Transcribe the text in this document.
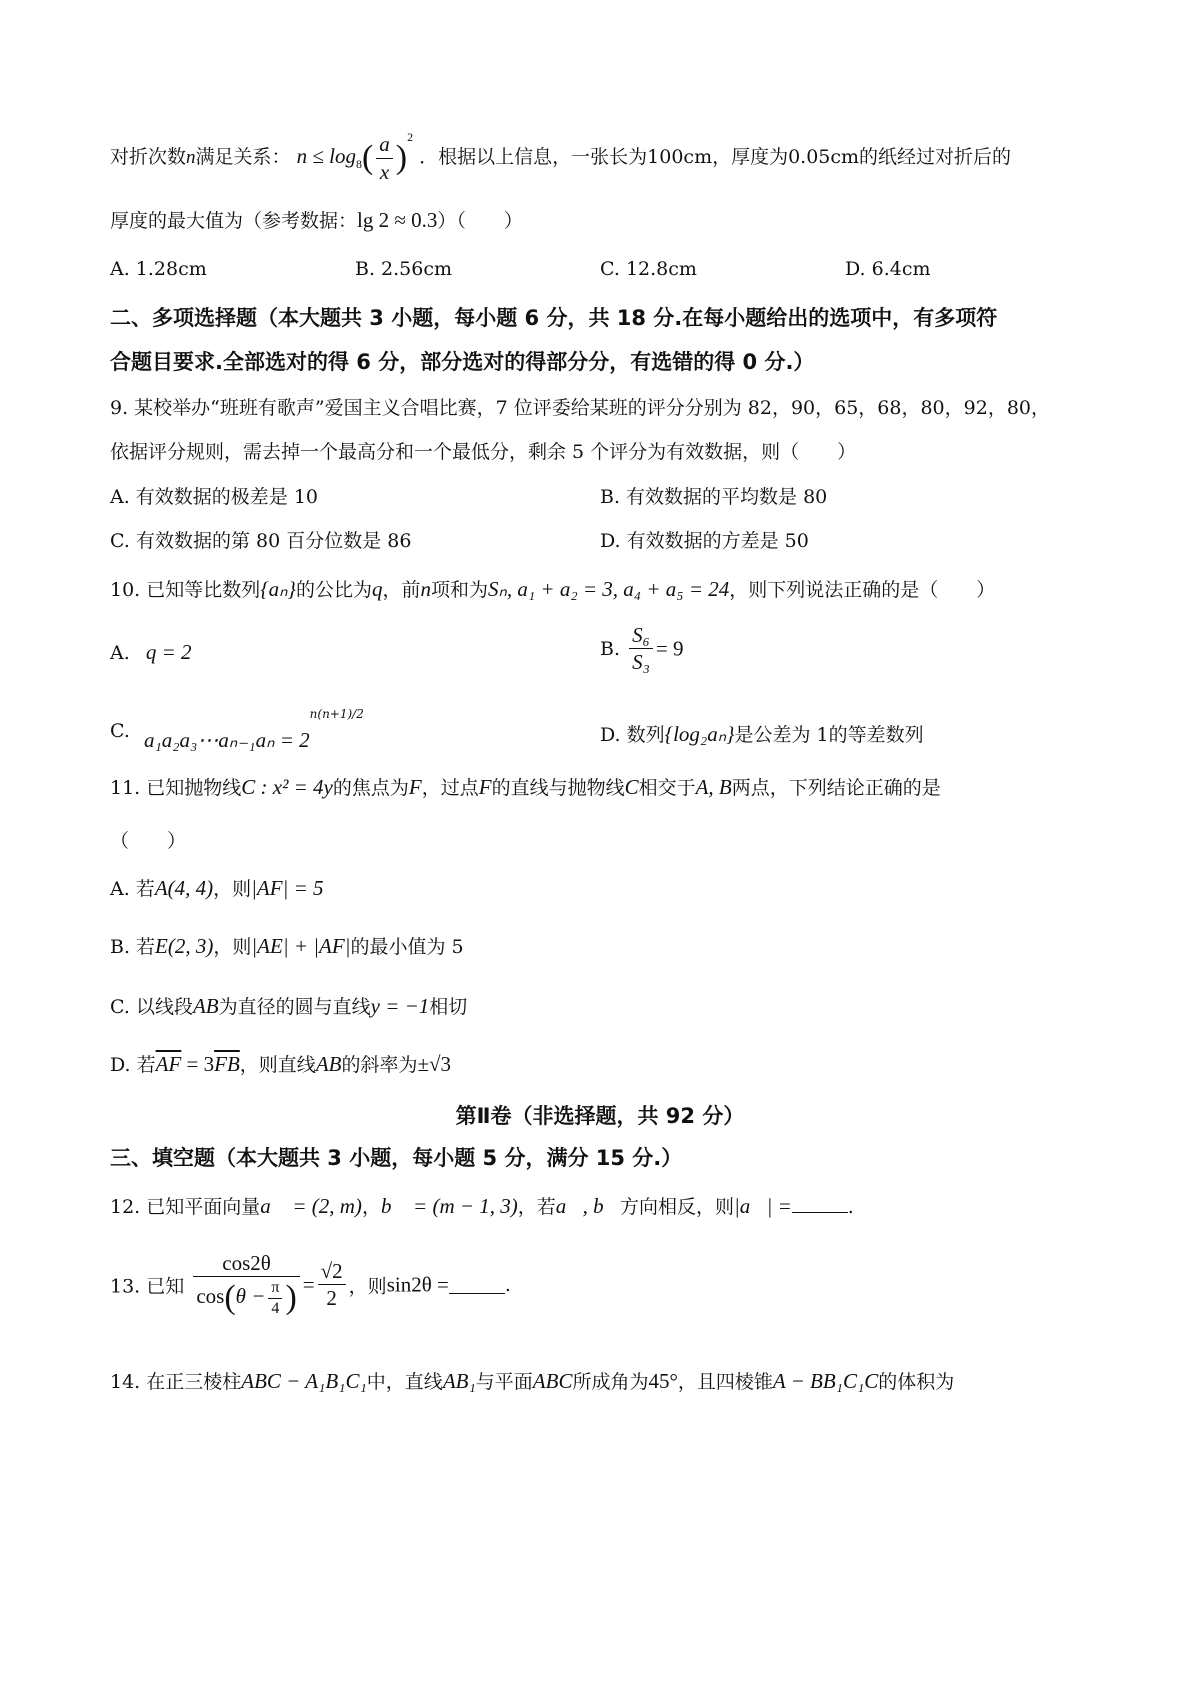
对折次数n满足关系： $n \le \log_8( \frac{a}{x} )^2$ ．根据以上信息，一张长为100cm，厚度为0.05cm的纸经过对折后的
厚度的最大值为（参考数据：lg 2 ≈ 0.3）（　　）
A. 1.28cm	B. 2.56cm	C. 12.8cm	D. 6.4cm
二、多项选择题（本大题共 3 小题，每小题 6 分，共 18 分.在每小题给出的选项中，有多项符
合题目要求.全部选对的得 6 分，部分选对的得部分分，有选错的得 0 分.）
9. 某校举办“班班有歌声”爱国主义合唱比赛，7 位评委给某班的评分分别为 82，90，65，68，80，92，80，
依据评分规则，需去掉一个最高分和一个最低分，剩余 5 个评分为有效数据，则（　　）
A. 有效数据的极差是 10	B. 有效数据的平均数是 80
C. 有效数据的第 80 百分位数是 86	D. 有效数据的方差是 50
10. 已知等比数列{aₙ}的公比为q，前n项和为Sₙ, a₁ + a₂ = 3, a₄ + a₅ = 24，则下列说法正确的是（　　）
A. q = 2	B. $\frac{\text{S₆}}{\text{S₃}} = 9$
C. a₁a₂a₃⋯aₙ₋₁aₙ = $2^{n(n+1)/2}$
D. 数列{log₂aₙ}是公差为 1的等差数列
11. 已知抛物线C : x² = 4y的焦点为F，过点F的直线与抛物线C相交于A, B两点，下列结论正确的是
（　　）
A. 若A(4, 4)，则|AF| = 5
B. 若E(2, 3)，则|AE| + |AF|的最小值为 5
C. 以线段AB为直径的圆与直线y = −1相切
D. 若$\overline{AF} = 3\overline{FB}$，则直线AB的斜率为±√3
第Ⅱ卷（非选择题，共 92 分）
三、填空题（本大题共 3 小题，每小题 5 分，满分 15 分.）
12. 已知平面向量a⃗ = (2, m)，b⃗ = (m − 1, 3)，若a⃗, b⃗方向相反，则|a⃗| =	.
13. 已知 $\frac{\cos 2\theta}{\cos(\theta - \frac{\pi}{4} )} = \frac{√2}{2}$ ，则sin2θ =	.
14. 在正三棱柱ABC − A₁B₁C₁中，直线AB₁与平面ABC所成角为45°，且四棱锥A − BB₁C₁C的体积为
